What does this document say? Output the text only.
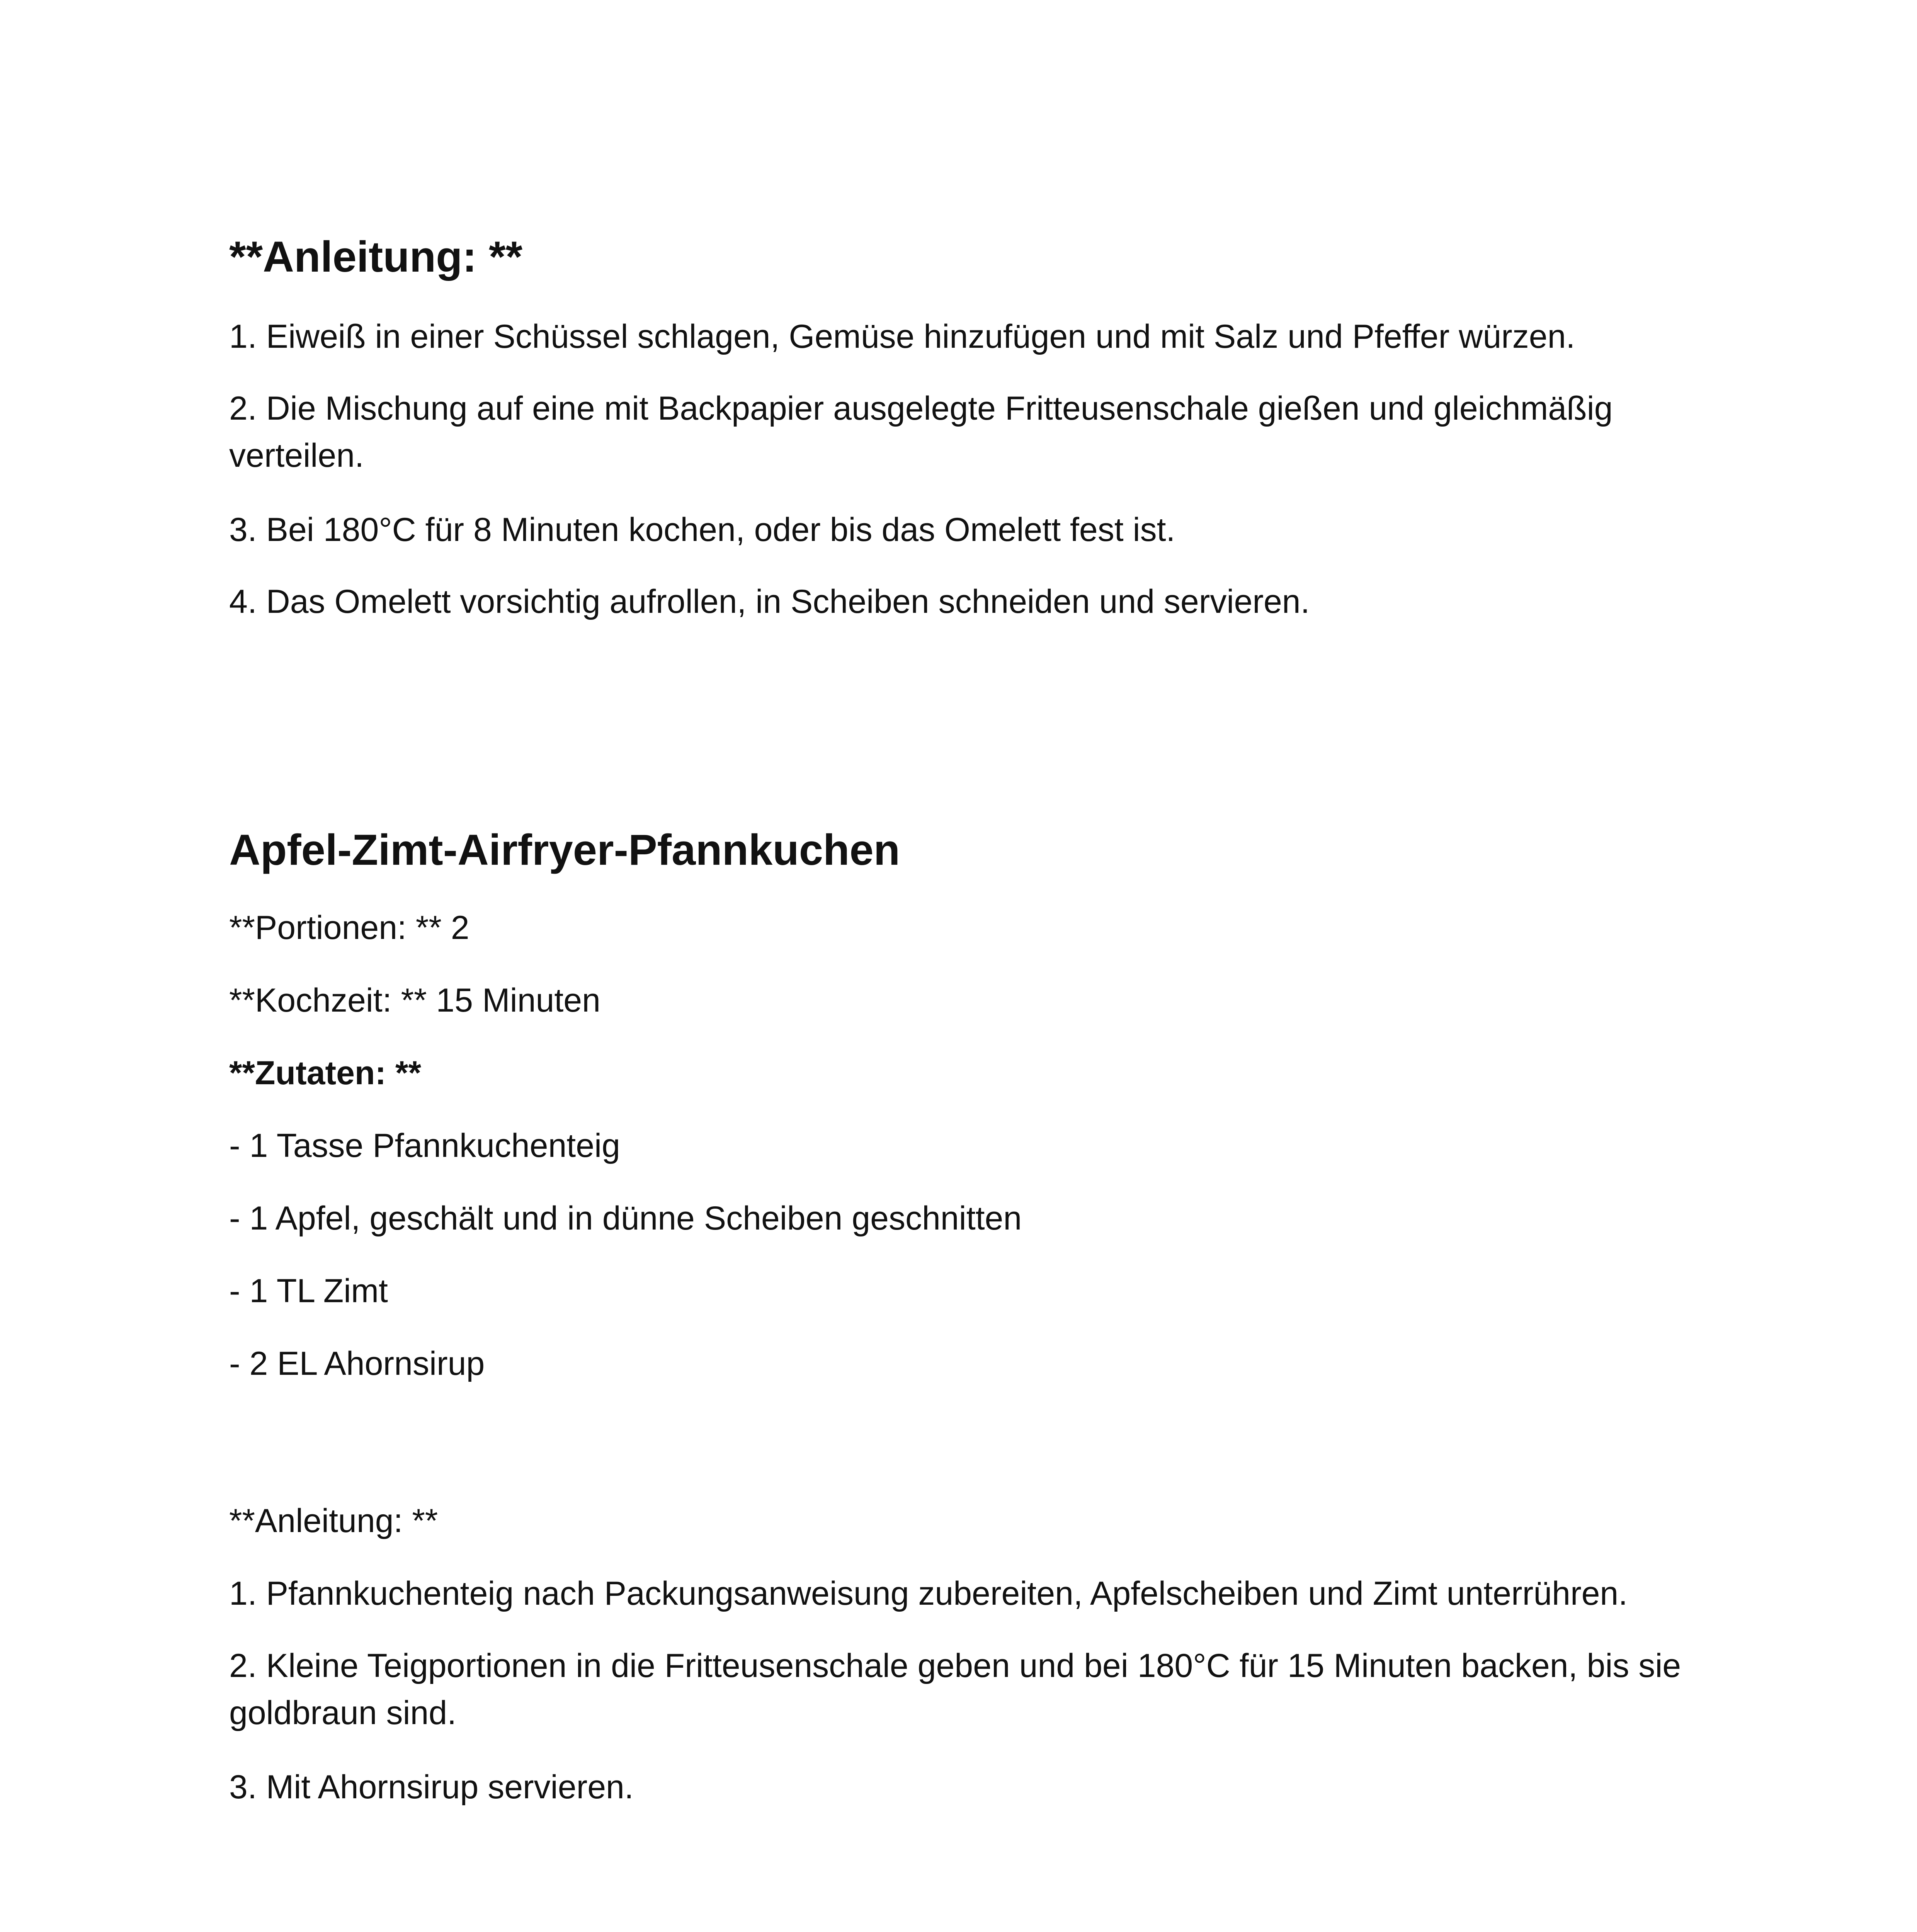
**Anleitung: **

1. Eiweiß in einer Schüssel schlagen, Gemüse hinzufügen und mit Salz und Pfeffer würzen.

2. Die Mischung auf eine mit Backpapier ausgelegte Fritteusenschale gießen und gleichmäßig verteilen.

3. Bei 180°C für 8 Minuten kochen, oder bis das Omelett fest ist.

4. Das Omelett vorsichtig aufrollen, in Scheiben schneiden und servieren.

Apfel-Zimt-Airfryer-Pfannkuchen

**Portionen: ** 2

**Kochzeit: ** 15 Minuten

**Zutaten: **

- 1 Tasse Pfannkuchenteig

- 1 Apfel, geschält und in dünne Scheiben geschnitten

- 1 TL Zimt

- 2 EL Ahornsirup

**Anleitung: **

1. Pfannkuchenteig nach Packungsanweisung zubereiten, Apfelscheiben und Zimt unterrühren.

2. Kleine Teigportionen in die Fritteusenschale geben und bei 180°C für 15 Minuten backen, bis sie goldbraun sind.

3. Mit Ahornsirup servieren.
